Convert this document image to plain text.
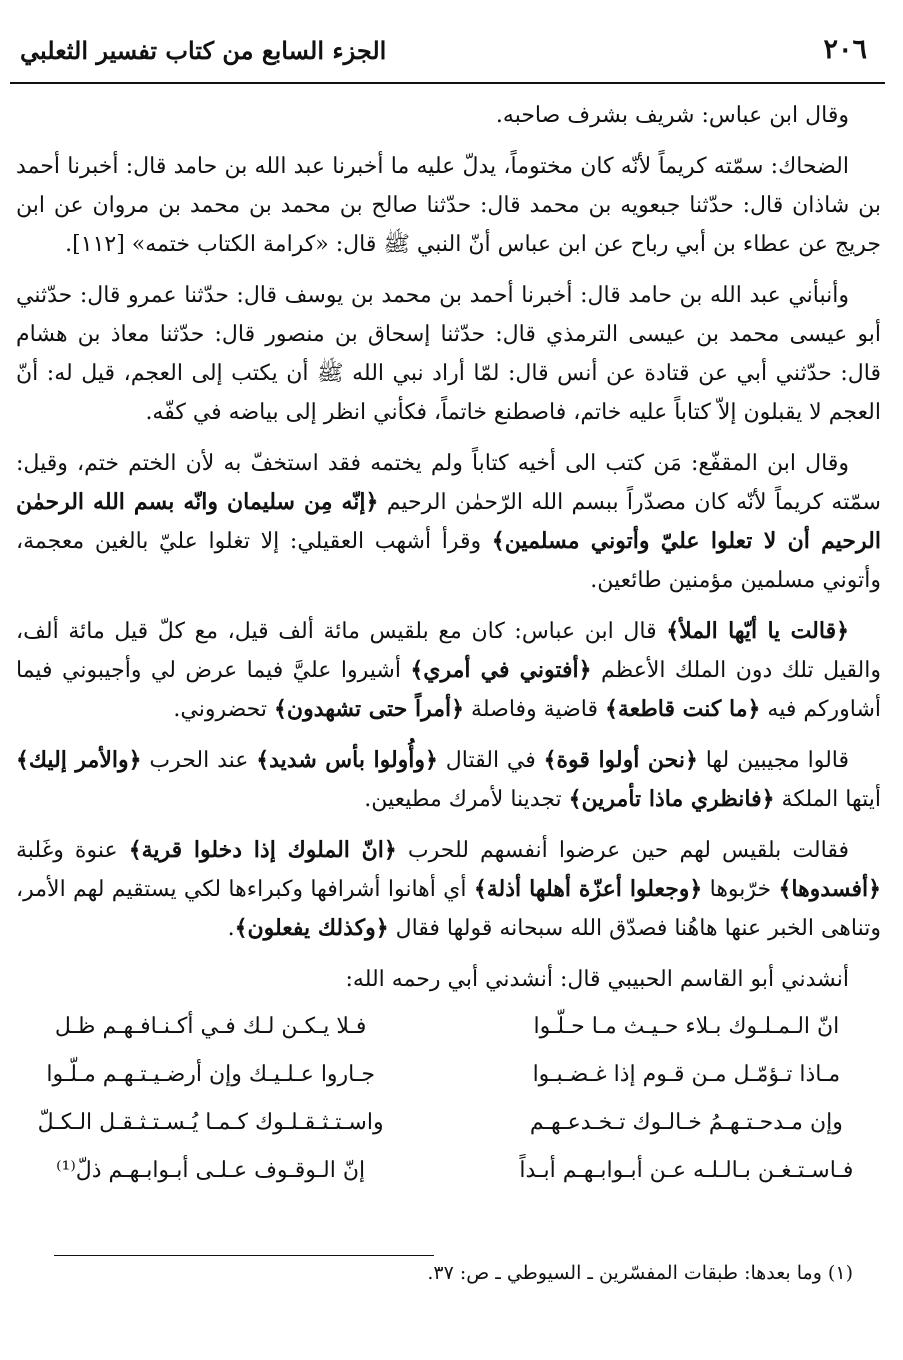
٢٠٦
الجزء السابع من كتاب تفسير الثعلبي

وقال ابن عباس: شريف بشرف صاحبه.

الضحاك: سمّته كريماً لأنّه كان مختوماً، يدلّ عليه ما أخبرنا عبد الله بن حامد قال: أخبرنا أحمد بن شاذان قال: حدّثنا جبعويه بن محمد قال: حدّثنا صالح بن محمد بن محمد بن مروان عن ابن جريج عن عطاء بن أبي رباح عن ابن عباس أنّ النبي ﷺ قال: «كرامة الكتاب ختمه» [١١٢].

وأنبأني عبد الله بن حامد قال: أخبرنا أحمد بن محمد بن يوسف قال: حدّثنا عمرو قال: حدّثني أبو عيسى محمد بن عيسى الترمذي قال: حدّثنا إسحاق بن منصور قال: حدّثنا معاذ بن هشام قال: حدّثني أبي عن قتادة عن أنس قال: لمّا أراد نبي الله ﷺ أن يكتب إلى العجم، قيل له: أنّ العجم لا يقبلون إلاّ كتاباً عليه خاتم، فاصطنع خاتماً، فكأني انظر إلى بياضه في كفّه.

وقال ابن المقفّع: مَن كتب الى أخيه كتاباً ولم يختمه فقد استخفّ به لأن الختم ختم، وقيل: سمّته كريماً لأنّه كان مصدّراً ببسم الله الرّحمٰن الرحيم ﴿إنّه مِن سليمان وانّه بسم الله الرحمٰن الرحيم أن لا تعلوا عليّ وأتوني مسلمين﴾ وقرأ أشهب العقيلي: إلا تغلوا عليّ بالغين معجمة، وأتوني مسلمين مؤمنين طائعين.

﴿قالت يا أيّها الملأ﴾ قال ابن عباس: كان مع بلقيس مائة ألف قيل، مع كلّ قيل مائة ألف، والقيل تلك دون الملك الأعظم ﴿أفتوني في أمري﴾ أشيروا عليَّ فيما عرض لي وأجيبوني فيما أشاوركم فيه ﴿ما كنت قاطعة﴾ قاضية وفاصلة ﴿أمراً حتى تشهدون﴾ تحضروني.

قالوا مجيبين لها ﴿نحن أولوا قوة﴾ في القتال ﴿وأُولوا بأس شديد﴾ عند الحرب ﴿والأمر إليك﴾ أيتها الملكة ﴿فانظري ماذا تأمرين﴾ تجدينا لأمرك مطيعين.

فقالت بلقيس لهم حين عرضوا أنفسهم للحرب ﴿انّ الملوك إذا دخلوا قرية﴾ عنوة وغَلبة ﴿أفسدوها﴾ خرّبوها ﴿وجعلوا أعزّة أهلها أذلة﴾ أي أهانوا أشرافها وكبراءها لكي يستقيم لهم الأمر، وتناهى الخبر عنها هاهُنا فصدّق الله سبحانه قولها فقال ﴿وكذلك يفعلون﴾.

أنشدني أبو القاسم الحبيبي قال: أنشدني أبي رحمه الله:

انّ الـمـلـوك بـلاء حـيـث مـا حـلّـوا
فـلا يـكـن لـك فـي أكـنـافـهـم ظـل
مـاذا تـؤمّـل مـن قـوم إذا غـضـبـوا
جـاروا عـلـيـك وإن أرضـيـتـهـم مـلّـوا
وإن مـدحـتـهـمُ خـالـوك تـخـدعـهـم
واسـتـثـقـلـوك كـمـا يُـسـتـثـقـل الـكـلّ
فـاسـتـغـن بـالـلـه عـن أبـوابـهـم أبـداً
إنّ الـوقـوف عـلـى أبـوابـهـم ذلّ⁽¹⁾
(١) وما بعدها: طبقات المفسّرين ـ السيوطي ـ ص: ٣٧.
